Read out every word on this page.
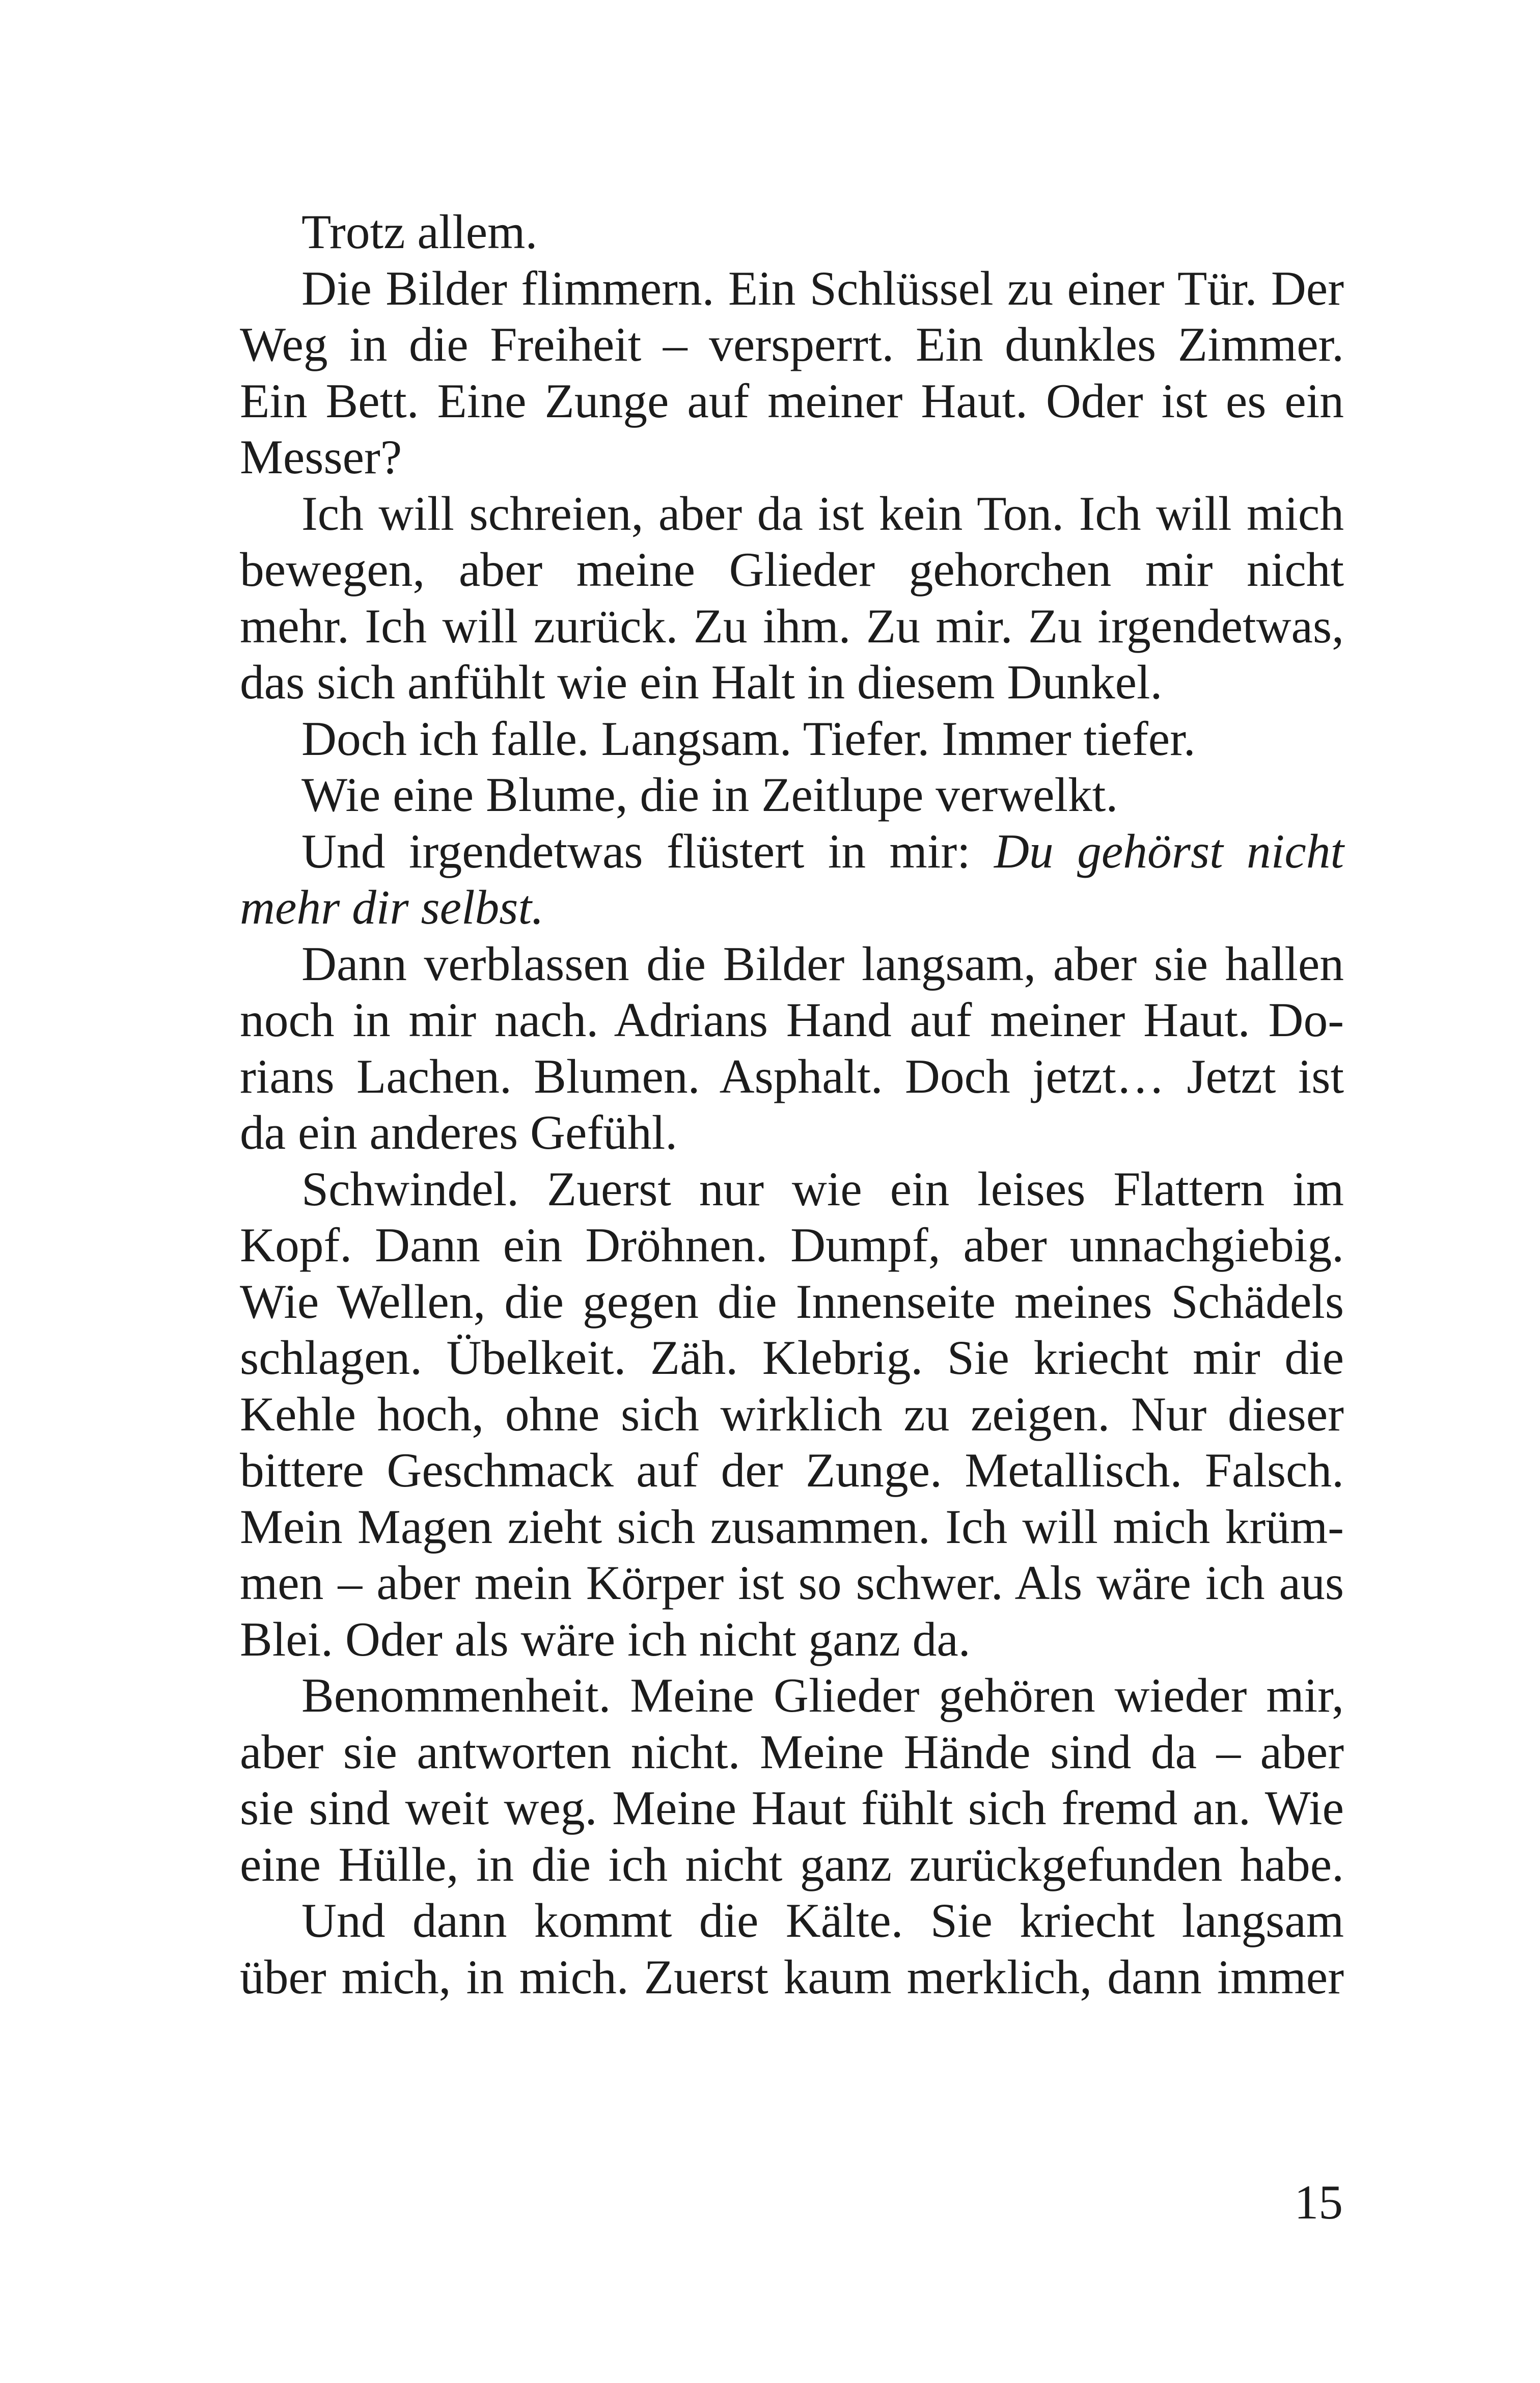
Trotz allem.
Die Bilder flimmern. Ein Schlüssel zu einer Tür. Der
Weg in die Freiheit – versperrt. Ein dunkles Zimmer.
Ein Bett. Eine Zunge auf meiner Haut. Oder ist es ein
Messer?
Ich will schreien, aber da ist kein Ton. Ich will mich
bewegen, aber meine Glieder gehorchen mir nicht
mehr. Ich will zurück. Zu ihm. Zu mir. Zu irgendetwas,
das sich anfühlt wie ein Halt in diesem Dunkel.
Doch ich falle. Langsam. Tiefer. Immer tiefer.
Wie eine Blume, die in Zeitlupe verwelkt.
Und irgendetwas flüstert in mir: Du gehörst nicht
mehr dir selbst.
Dann verblassen die Bilder langsam, aber sie hallen
noch in mir nach. Adrians Hand auf meiner Haut. Do-
rians Lachen. Blumen. Asphalt. Doch jetzt… Jetzt ist
da ein anderes Gefühl.
Schwindel. Zuerst nur wie ein leises Flattern im
Kopf. Dann ein Dröhnen. Dumpf, aber unnachgiebig.
Wie Wellen, die gegen die Innenseite meines Schädels
schlagen. Übelkeit. Zäh. Klebrig. Sie kriecht mir die
Kehle hoch, ohne sich wirklich zu zeigen. Nur dieser
bittere Geschmack auf der Zunge. Metallisch. Falsch.
Mein Magen zieht sich zusammen. Ich will mich krüm-
men – aber mein Körper ist so schwer. Als wäre ich aus
Blei. Oder als wäre ich nicht ganz da.
Benommenheit. Meine Glieder gehören wieder mir,
aber sie antworten nicht. Meine Hände sind da – aber
sie sind weit weg. Meine Haut fühlt sich fremd an. Wie
eine Hülle, in die ich nicht ganz zurückgefunden habe.
Und dann kommt die Kälte. Sie kriecht langsam
über mich, in mich. Zuerst kaum merklich, dann immer
15
